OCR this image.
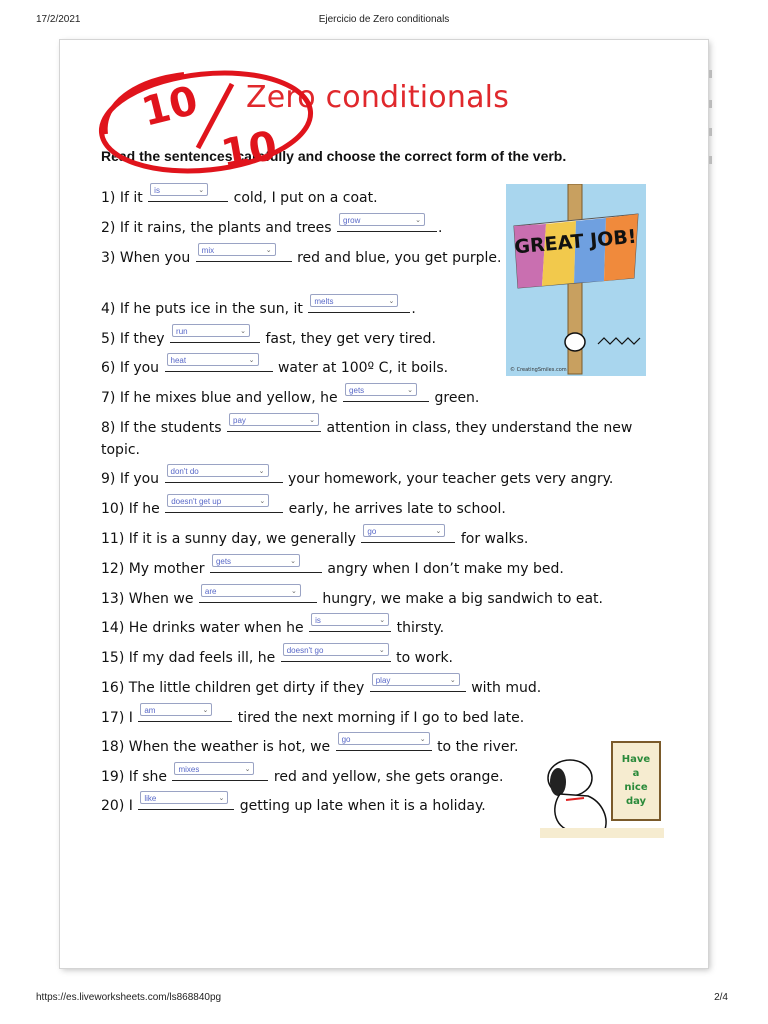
17/2/2021	Ejercicio de Zero conditionals
Zero conditionals
Read the sentences carefully and choose the correct form of the verb.
10
10
GREAT JOB!
© CreatingSmiles.com
Have
a
nice
day
1) If it	is	⌄ cold, I put on a coat.
2) If it rains, the plants and trees	grow	⌄ .
3) When you	mix	⌄ red and blue, you get purple.
4) If he puts ice in the sun, it	melts	⌄ .
5) If they	run	⌄ fast, they get very tired.
6) If you	heat	⌄ water at 100º C, it boils.
7) If he mixes blue and yellow, he	gets	⌄ green.
8) If the students	pay	⌄ attention in class, they understand the new topic.
9) If you	don't do	⌄ your homework, your teacher gets very angry.
10) If he	doesn't get up	⌄ early, he arrives late to school.
11) If it is a sunny day, we generally	go	⌄ for walks.
12) My mother	gets	⌄ angry when I don’t make my bed.
13) When we	are	⌄ hungry, we make a big sandwich to eat.
14) He drinks water when he	is	⌄ thirsty.
15) If my dad feels ill, he	doesn't go	⌄ to work.
16) The little children get dirty if they	play	⌄ with mud.
17) I	am	⌄ tired the next morning if I go to bed late.
18) When the weather is hot, we	go	⌄ to the river.
19) If she	mixes	⌄ red and yellow, she gets orange.
20) I	like	⌄ getting up late when it is a holiday.
https://es.liveworksheets.com/ls868840pg	2/4
